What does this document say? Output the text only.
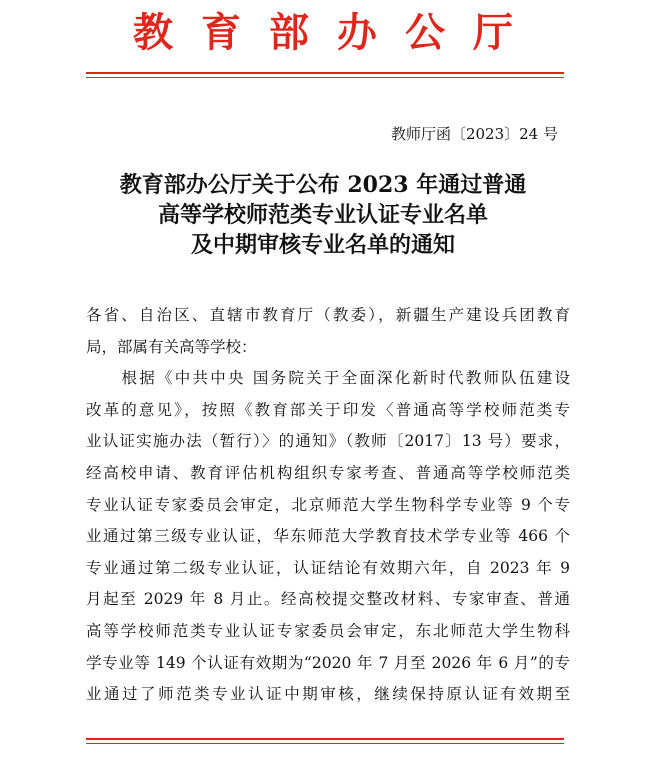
教育部办公厅
教师厅函〔2023〕24 号
教育部办公厅关于公布 2023 年通过普通
高等学校师范类专业认证专业名单
及中期审核专业名单的通知
各省、自治区、直辖市教育厅（教委），新疆生产建设兵团教育
局，部属有关高等学校：
　　根据《中共中央 国务院关于全面深化新时代教师队伍建设
改革的意见》，按照《教育部关于印发〈普通高等学校师范类专
业认证实施办法（暂行）〉的通知》（教师〔2017〕13 号）要求，
经高校申请、教育评估机构组织专家考查、普通高等学校师范类
专业认证专家委员会审定，北京师范大学生物科学专业等 9 个专
业通过第三级专业认证，华东师范大学教育技术学专业等 466 个
专业通过第二级专业认证，认证结论有效期六年，自 2023 年 9
月起至 2029 年 8 月止。经高校提交整改材料、专家审查、普通
高等学校师范类专业认证专家委员会审定，东北师范大学生物科
学专业等 149 个认证有效期为“2020 年 7 月至 2026 年 6 月”的专
业通过了师范类专业认证中期审核，继续保持原认证有效期至
